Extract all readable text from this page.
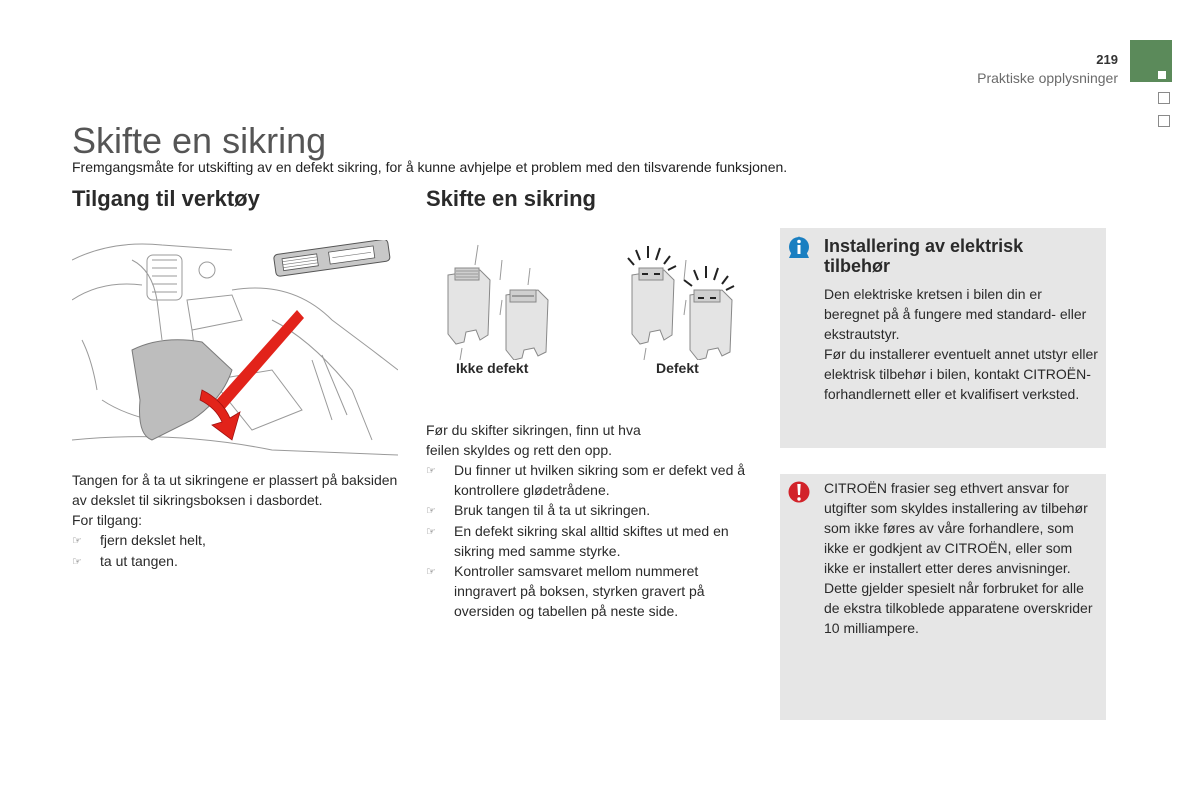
219
Praktiske opplysninger
Skifte en sikring
Fremgangsmåte for utskifting av en defekt sikring, for å kunne avhjelpe et problem med den tilsvarende funksjonen.
Tilgang til verktøy	Skifte en sikring
Ikke defekt	Defekt

Tangen for å ta ut sikringene er plassert på baksiden av dekslet til sikringsboksen i dasbordet.

For tilgang:

☞	fjern dekslet helt,
☞	ta ut tangen.

Før du skifter sikringen, finn ut hva feilen skyldes og rett den opp.

☞	Du finner ut hvilken sikring som er defekt ved å kontrollere glødetrådene.
☞	Bruk tangen til å ta ut sikringen.
☞	En defekt sikring skal alltid skiftes ut med en sikring med samme styrke.
☞	Kontroller samsvaret mellom nummeret inngravert på boksen, styrken gravert på oversiden og tabellen på neste side.
Installering av elektrisk tilbehør

Den elektriske kretsen i bilen din er beregnet på å fungere med standard- eller ekstrautstyr.

Før du installerer eventuelt annet utstyr eller elektrisk tilbehør i bilen, kontakt CITROËN-forhandlernett eller et kvalifisert verksted.

CITROËN frasier seg ethvert ansvar for utgifter som skyldes installering av tilbehør som ikke føres av våre forhandlere, som ikke er godkjent av CITROËN, eller som ikke er installert etter deres anvisninger. Dette gjelder spesielt når forbruket for alle de ekstra tilkoblede apparatene overskrider 10 milliampere.
